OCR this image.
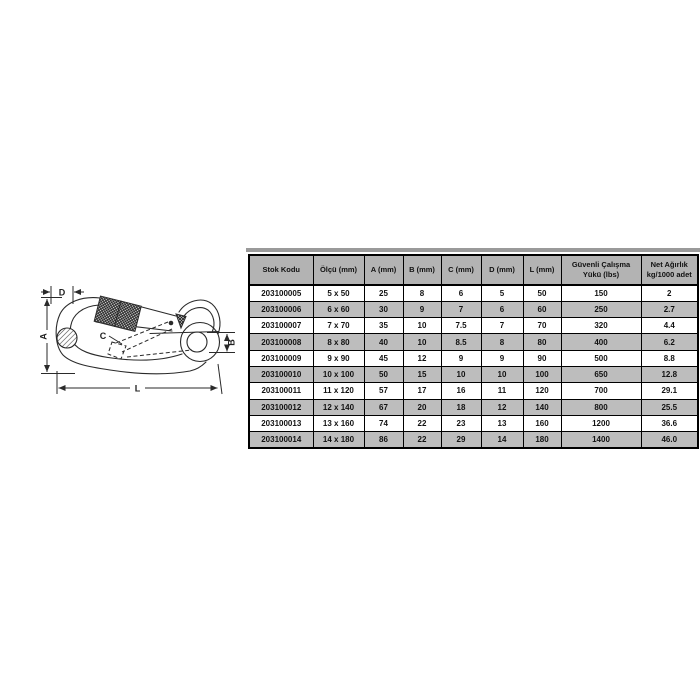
D
A
L
B
C
Stok Kodu	Ölçü (mm)	A (mm)	B (mm)	C (mm)	D (mm)	L (mm)	Güvenli Çalışma Yükü (lbs)	Net Ağırlık kg/1000 adet
203100005	5 x 50	25	8	6	5	50	150	2
203100006	6 x 60	30	9	7	6	60	250	2.7
203100007	7 x 70	35	10	7.5	7	70	320	4.4
203100008	8 x 80	40	10	8.5	8	80	400	6.2
203100009	9 x 90	45	12	9	9	90	500	8.8
203100010	10 x 100	50	15	10	10	100	650	12.8
203100011	11 x 120	57	17	16	11	120	700	29.1
203100012	12 x 140	67	20	18	12	140	800	25.5
203100013	13 x 160	74	22	23	13	160	1200	36.6
203100014	14 x 180	86	22	29	14	180	1400	46.0
